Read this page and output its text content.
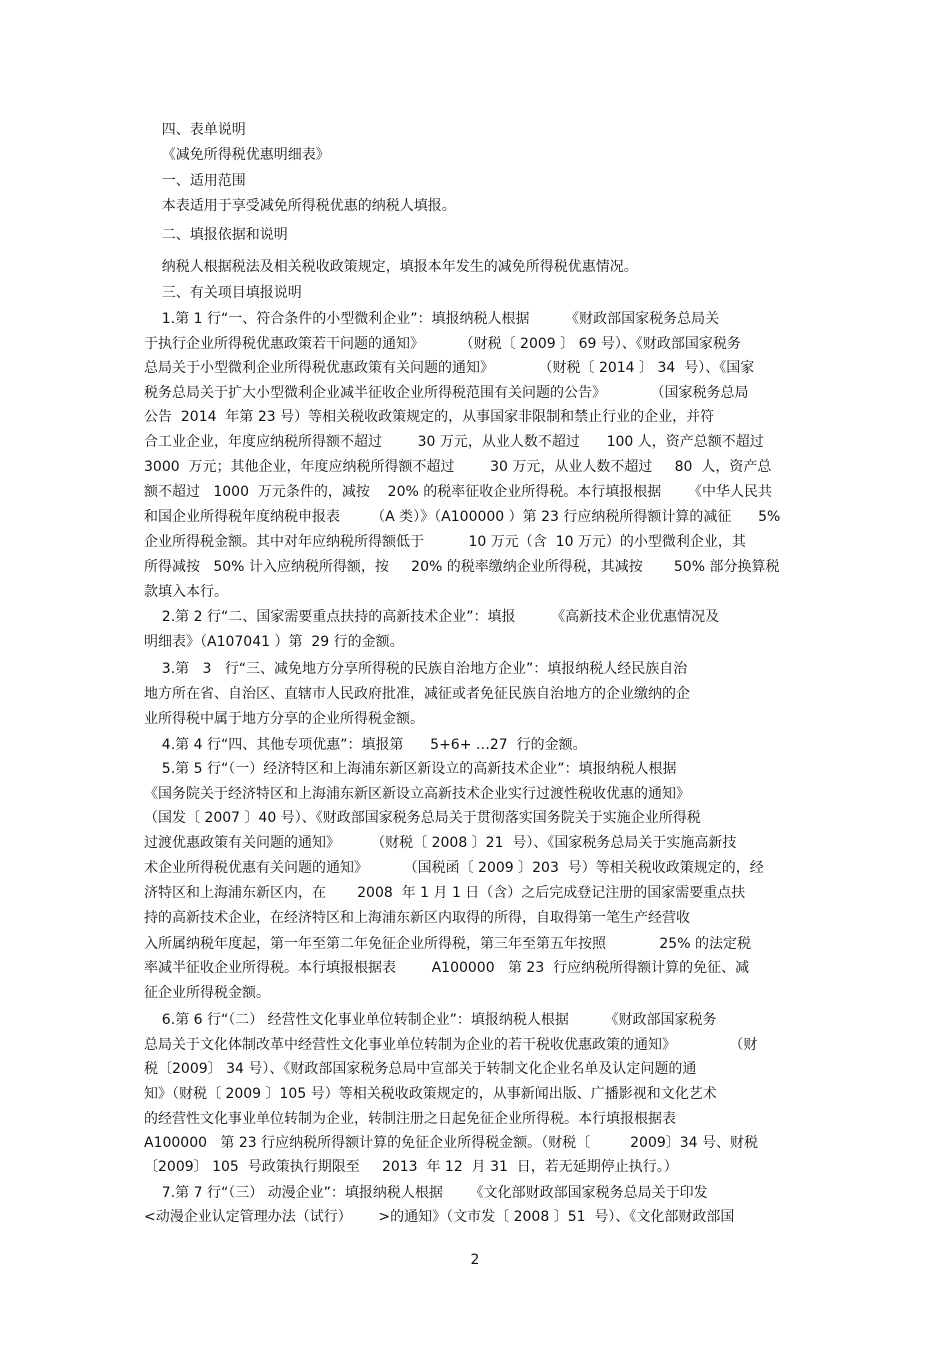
四、表单说明
《减免所得税优惠明细表》
一、适用范围
本表适用于享受减免所得税优惠的纳税人填报。
二、填报依据和说明
纳税人根据税法及相关税收政策规定，填报本年发生的减免所得税优惠情况。
三、有关项目填报说明
1.第 1 行“一、符合条件的小型微利企业”：填报纳税人根据        《财政部国家税务总局关
于执行企业所得税优惠政策若干问题的通知》        （财税〔 2009 〕 69 号）、《财政部国家税务
总局关于小型微利企业所得税优惠政策有关问题的通知》          （财税〔 2014 〕 34  号）、《国家
税务总局关于扩大小型微利企业减半征收企业所得税范围有关问题的公告》          （国家税务总局
公告  2014  年第 23 号）等相关税收政策规定的，从事国家非限制和禁止行业的企业，并符
合工业企业，年度应纳税所得额不超过        30 万元，从业人数不超过      100 人，资产总额不超过
3000  万元；其他企业，年度应纳税所得额不超过        30 万元，从业人数不超过     80  人，资产总
额不超过   1000  万元条件的，减按    20% 的税率征收企业所得税。本行填报根据      《中华人民共
和国企业所得税年度纳税申报表       （A 类）》（A100000 ）第 23 行应纳税所得额计算的减征      5%
企业所得税金额。其中对年应纳税所得额低于          10 万元（含  10 万元）的小型微利企业，其
所得减按   50% 计入应纳税所得额，按     20% 的税率缴纳企业所得税，其减按       50% 部分换算税
款填入本行。
2.第 2 行“二、国家需要重点扶持的高新技术企业”：填报        《高新技术企业优惠情况及
明细表》（A107041 ）第  29 行的金额。
3.第   3   行“三、减免地方分享所得税的民族自治地方企业”：填报纳税人经民族自治
地方所在省、自治区、直辖市人民政府批准，减征或者免征民族自治地方的企业缴纳的企
业所得税中属于地方分享的企业所得税金额。
4.第 4 行“四、其他专项优惠”：填报第      5+6+ …27  行的金额。
5.第 5 行“（一）经济特区和上海浦东新区新设立的高新技术企业”：填报纳税人根据
《国务院关于经济特区和上海浦东新区新设立高新技术企业实行过渡性税收优惠的通知》
（国发〔 2007 〕40 号）、《财政部国家税务总局关于贯彻落实国务院关于实施企业所得税
过渡优惠政策有关问题的通知》       （财税〔 2008 〕21  号）、《国家税务总局关于实施高新技
术企业所得税优惠有关问题的通知》        （国税函〔 2009 〕203  号）等相关税收政策规定的，经
济特区和上海浦东新区内，在       2008  年 1 月 1 日（含）之后完成登记注册的国家需要重点扶
持的高新技术企业，在经济特区和上海浦东新区内取得的所得，自取得第一笔生产经营收
入所属纳税年度起，第一年至第二年免征企业所得税，第三年至第五年按照            25% 的法定税
率减半征收企业所得税。本行填报根据表        A100000   第 23  行应纳税所得额计算的免征、减
征企业所得税金额。
6.第 6 行“（二） 经营性文化事业单位转制企业”：填报纳税人根据        《财政部国家税务
总局关于文化体制改革中经营性文化事业单位转制为企业的若干税收优惠政策的通知》            （财
税〔2009〕 34 号）、《财政部国家税务总局中宣部关于转制文化企业名单及认定问题的通
知》（财税〔 2009 〕105 号）等相关税收政策规定的，从事新闻出版、广播影视和文化艺术
的经营性文化事业单位转制为企业，转制注册之日起免征企业所得税。本行填报根据表
A100000   第 23 行应纳税所得额计算的免征企业所得税金额。（财税〔         2009〕34 号、财税
〔2009〕 105  号政策执行期限至     2013  年 12  月 31  日，若无延期停止执行。）
7.第 7 行“（三） 动漫企业”：填报纳税人根据      《文化部财政部国家税务总局关于印发
<动漫企业认定管理办法（试行）      >的通知》（文市发〔 2008 〕51  号）、《文化部财政部国
2
